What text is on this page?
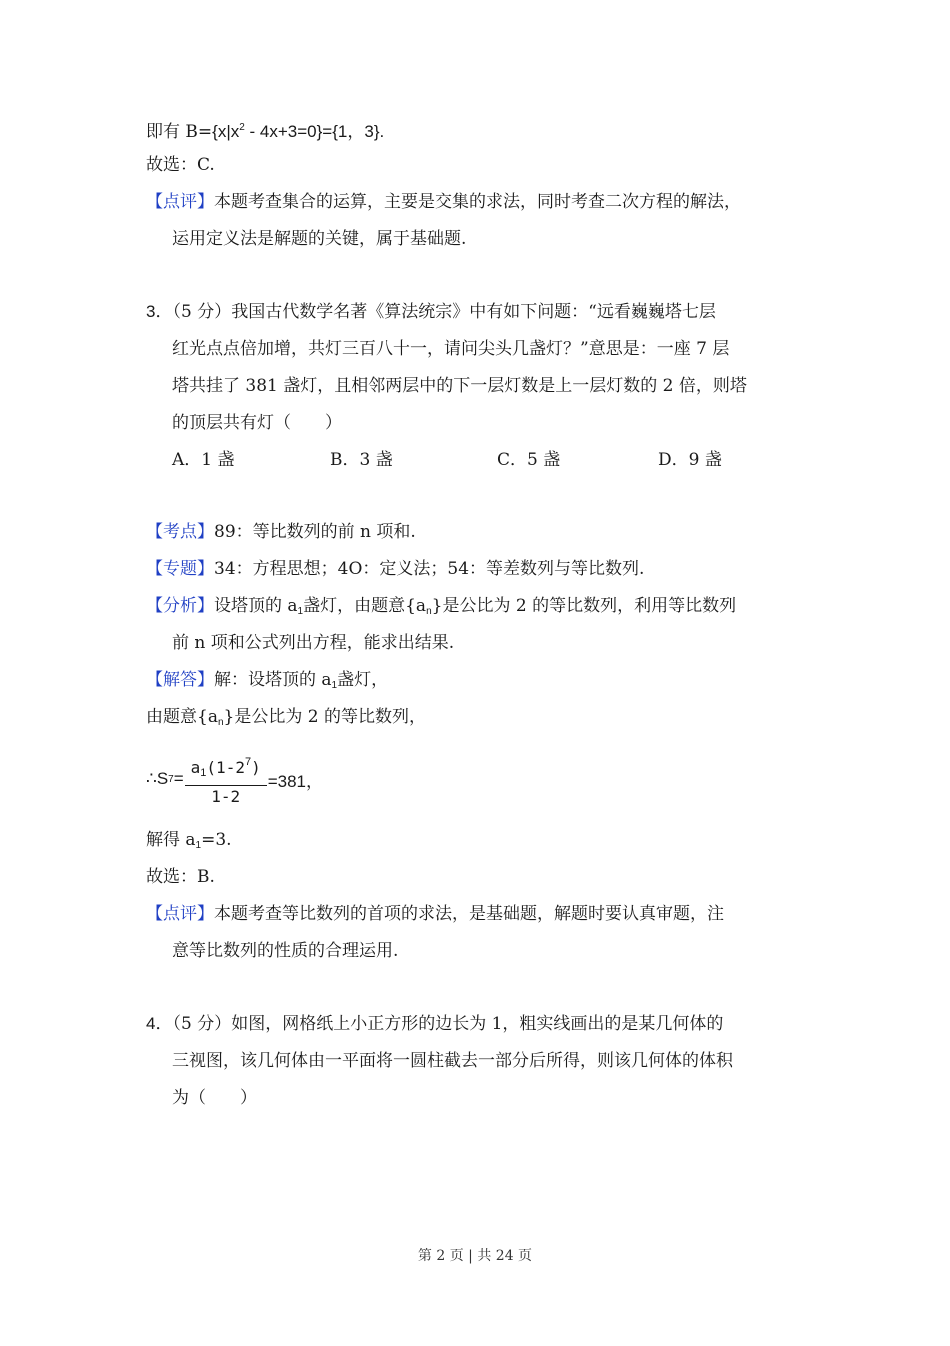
即有 $B=\{x|x^2 - 4x+3=0\}=\{1$，3}.
故选：C.
【点评】本题考查集合的运算，主要是交集的求法，同时考查二次方程的解法，
运用定义法是解题的关键，属于基础题.
3．（5 分）我国古代数学名著《算法统宗》中有如下问题：“远看巍巍塔七层
红光点点倍加增，共灯三百八十一，请问尖头几盏灯？”意思是：一座 7 层
塔共挂了 381 盏灯，且相邻两层中的下一层灯数是上一层灯数的 2 倍，则塔
的顶层共有灯（　　）
A．1 盏	B．3 盏	C．5 盏	D．9 盏
【考点】89：等比数列的前 n 项和.
【专题】34：方程思想；4O：定义法；54：等差数列与等比数列.
【分析】设塔顶的 $a_1$盏灯，由题意$\{a_n\}$是公比为 2 的等比数列，利用等比数列
前 n 项和公式列出方程，能求出结果.
【解答】解：设塔顶的 $a_1$盏灯，
由题意$\{a_n\}$是公比为 2 的等比数列，
∴S $7 = \frac{a_1(1-2^7)}{1-2} =381$，
解得 $a_1=3$.
故选：B.
【点评】本题考查等比数列的首项的求法，是基础题，解题时要认真审题，注
意等比数列的性质的合理运用.
4．（5 分）如图，网格纸上小正方形的边长为 1，粗实线画出的是某几何体的
三视图，该几何体由一平面将一圆柱截去一部分后所得，则该几何体的体积
为（　　）
第 2 页 | 共 24 页
